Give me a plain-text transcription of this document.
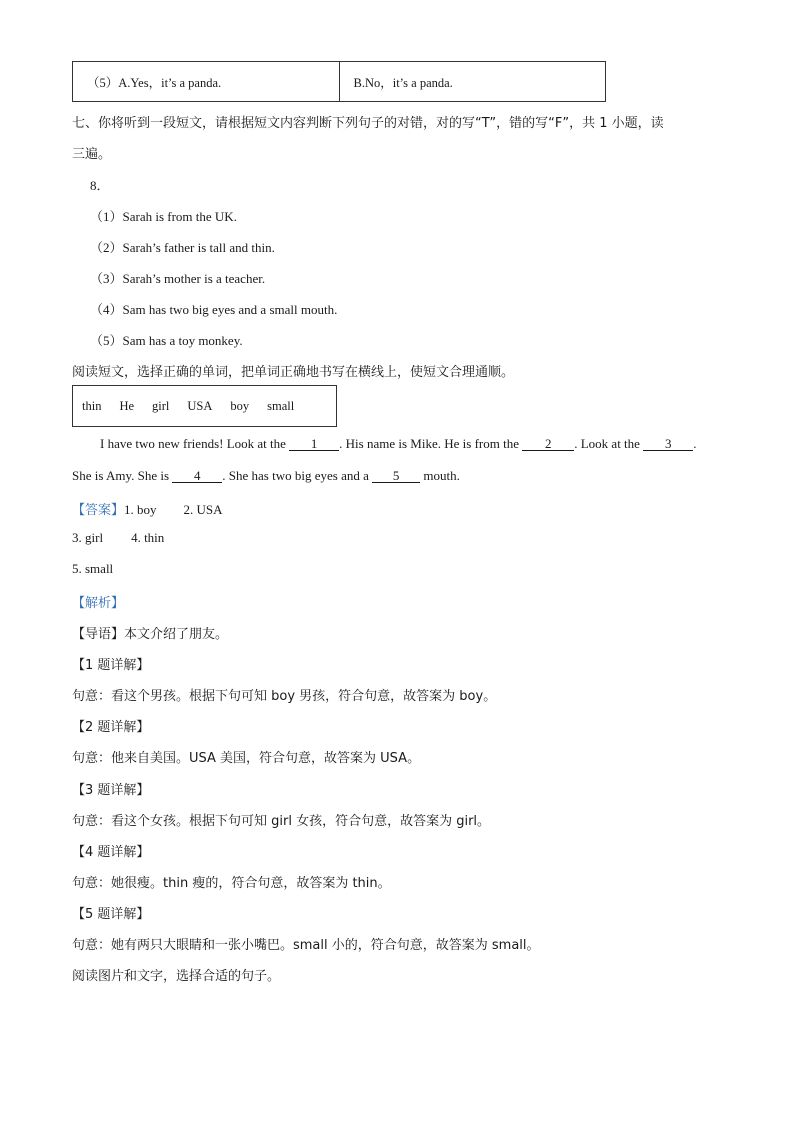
（5）A.Yes，it’s a panda.	B.No，it’s a panda.
七、你将听到一段短文，请根据短文内容判断下列句子的对错，对的写“T”，错的写“F”，共 1 小题，读
三遍。
8．
（1）Sarah is from the UK.
（2）Sarah’s father is tall and thin.
（3）Sarah’s mother is a teacher.
（4）Sam has two big eyes and a small mouth.
（5）Sam has a toy monkey.
阅读短文，选择正确的单词，把单词正确地书写在横线上，使短文合理通顺。
thin He girl USA boy small
I have two new friends! Look at the 1 . His name is Mike. He is from the 2 . Look at the 3 .
She is Amy. She is 4 . She has two big eyes and a 5 mouth.
【答案】1. boy 2. USA
3. girl 4. thin
5. small
【解析】
【导语】本文介绍了朋友。
【1 题详解】
句意：看这个男孩。根据下句可知 boy 男孩，符合句意，故答案为 boy。
【2 题详解】
句意：他来自美国。USA 美国，符合句意，故答案为 USA。
【3 题详解】
句意：看这个女孩。根据下句可知 girl 女孩，符合句意，故答案为 girl。
【4 题详解】
句意：她很瘦。thin 瘦的，符合句意，故答案为 thin。
【5 题详解】
句意：她有两只大眼睛和一张小嘴巴。small 小的，符合句意，故答案为 small。
阅读图片和文字，选择合适的句子。
